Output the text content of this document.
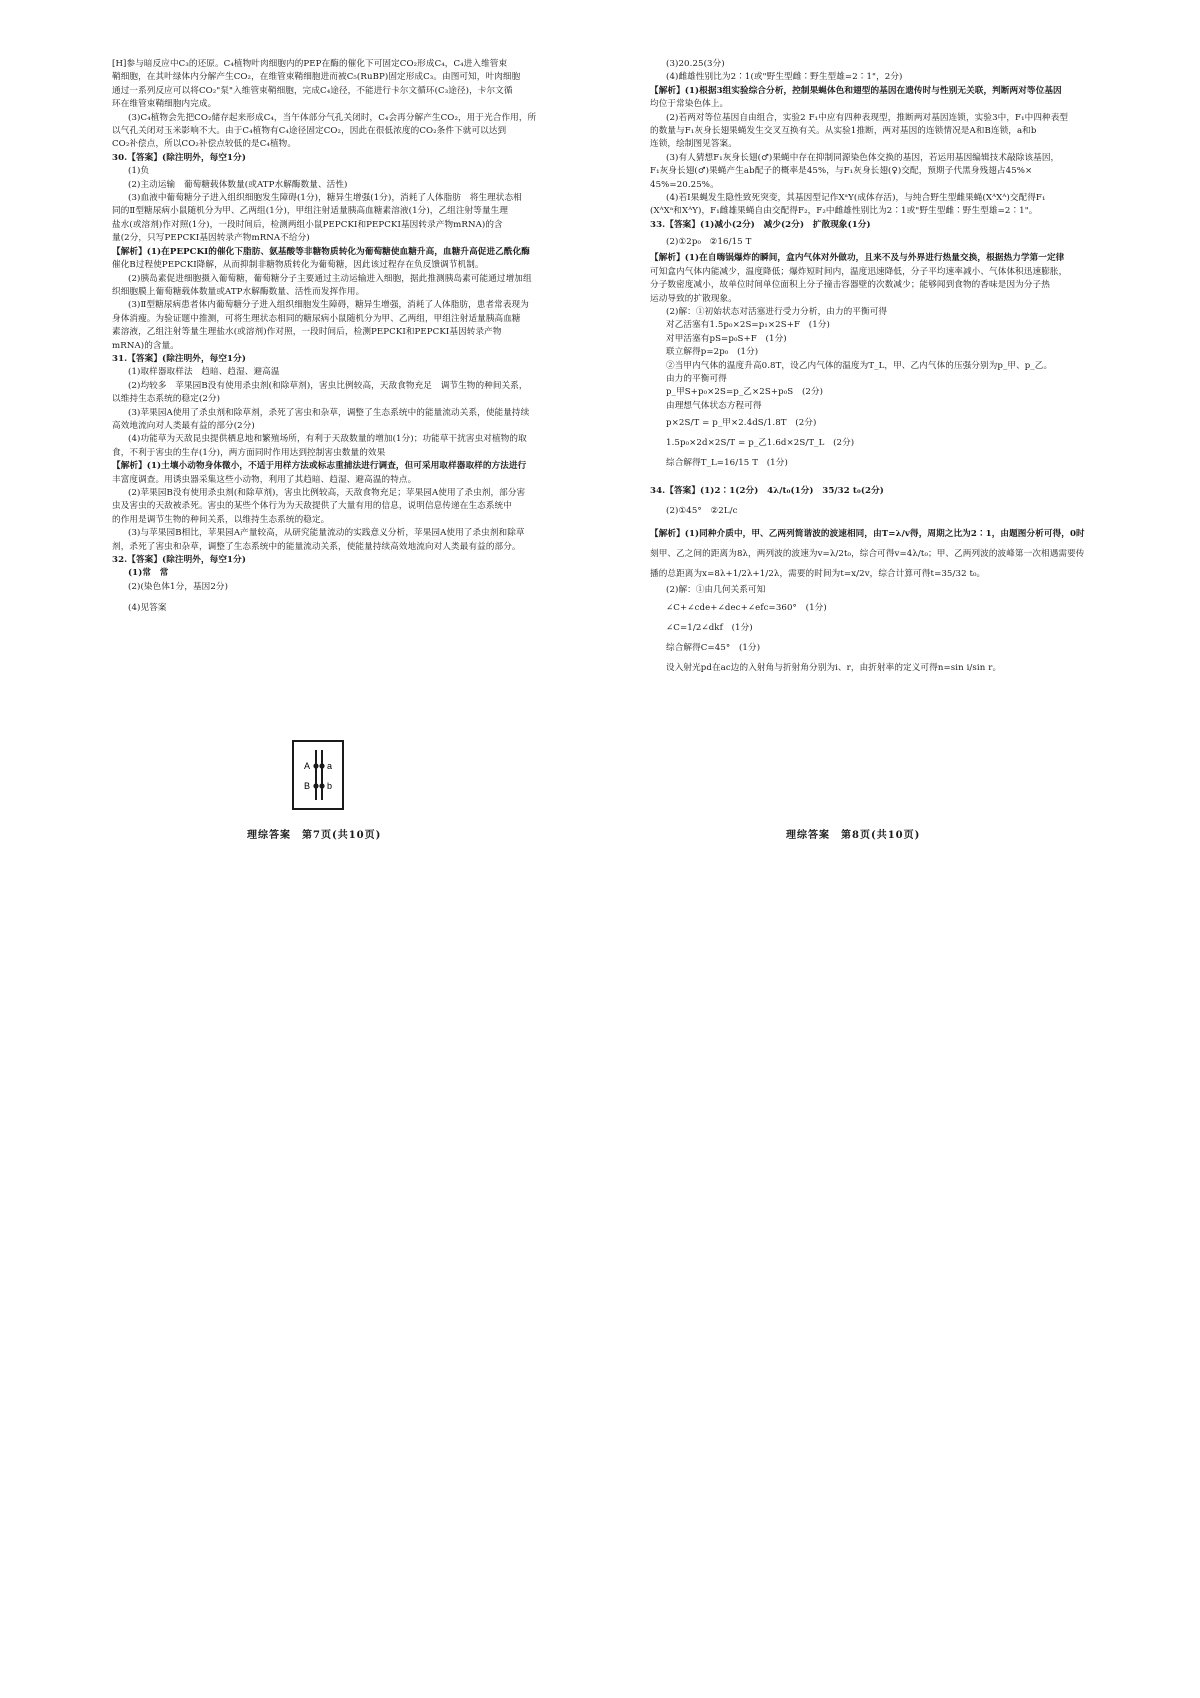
[H]参与暗反应中C₃的还原。C₄植物叶肉细胞内的PEP在酶的催化下可固定CO₂形成C₄，C₄进入维管束

鞘细胞，在其叶绿体内分解产生CO₂，在维管束鞘细胞进而被C₅(RuBP)固定形成C₃。由图可知，叶肉细胞

通过一系列反应可以将CO₂"泵"入维管束鞘细胞，完成C₄途径，不能进行卡尔文循环(C₃途径)，卡尔文循

环在维管束鞘细胞内完成。

(3)C₄植物会先把CO₂储存起来形成C₄，当午体部分气孔关闭时，C₄会再分解产生CO₂，用于光合作用，所

以气孔关闭对玉米影响不大。由于C₄植物有C₄途径固定CO₂，因此在很低浓度的CO₂条件下就可以达到

CO₂补偿点，所以CO₂补偿点较低的是C₄植物。

30.【答案】(除注明外，每空1分)

(1)负

(2)主动运输　葡萄糖载体数量(或ATP水解酶数量、活性)

(3)血液中葡萄糖分子进入组织细胞发生障碍(1分)，糖异生增强(1分)，消耗了人体脂肪　将生理状态相

同的Ⅱ型糖尿病小鼠随机分为甲、乙两组(1分)，甲组注射适量胰高血糖素溶液(1分)，乙组注射等量生理

盐水(或溶剂)作对照(1分)，一段时间后，检测两组小鼠PEPCKI和PEPCKI基因转录产物mRNA)的含

量(2分，只写PEPCKI基因转录产物mRNA不给分)

【解析】(1)在PEPCKI的催化下脂肪、氨基酸等非糖物质转化为葡萄糖使血糖升高，血糖升高促进乙酰化酶

催化B过程使PEPCKI降解，从而抑制非糖物质转化为葡萄糖，因此该过程存在负反馈调节机制。

(2)胰岛素促进细胞摄入葡萄糖，葡萄糖分子主要通过主动运输进入细胞，据此推测胰岛素可能通过增加组

织细胞膜上葡萄糖载体数量或ATP水解酶数量、活性而发挥作用。

(3)Ⅱ型糖尿病患者体内葡萄糖分子进入组织细胞发生障碍，糖异生增强，消耗了人体脂肪，患者常表现为

身体消瘦。为验证题中推测，可将生理状态相同的糖尿病小鼠随机分为甲、乙两组，甲组注射适量胰高血糖

素溶液，乙组注射等量生理盐水(或溶剂)作对照，一段时间后，检测PEPCKI和PEPCKI基因转录产物

mRNA)的含量。

31.【答案】(除注明外，每空1分)

(1)取样器取样法　趋暗、趋湿、避高温

(2)均较多　苹果园B没有使用杀虫剂(和除草剂)，害虫比例较高，天敌食物充足　调节生物的种间关系，

以维持生态系统的稳定(2分)

(3)苹果园A使用了杀虫剂和除草剂，杀死了害虫和杂草，调整了生态系统中的能量流动关系，使能量持续

高效地流向对人类最有益的部分(2分)

(4)功能草为天敌昆虫提供栖息地和繁殖场所，有利于天敌数量的增加(1分)；功能草干扰害虫对植物的取

食，不利于害虫的生存(1分)，两方面同时作用达到控制害虫数量的效果

【解析】(1)土壤小动物身体微小，不适于用样方法或标志重捕法进行调查，但可采用取样器取样的方法进行

丰富度调查。用诱虫器采集这些小动物，利用了其趋暗、趋湿、避高温的特点。

(2)苹果园B没有使用杀虫剂(和除草剂)，害虫比例较高，天敌食物充足；苹果园A使用了杀虫剂，部分害

虫及害虫的天敌被杀死。害虫的某些个体行为为天敌提供了大量有用的信息，说明信息传递在生态系统中

的作用是调节生物的种间关系，以维持生态系统的稳定。

(3)与苹果园B相比，苹果园A产量较高，从研究能量流动的实践意义分析，苹果园A使用了杀虫剂和除草

剂，杀死了害虫和杂草，调整了生态系统中的能量流动关系，使能量持续高效地流向对人类最有益的部分。

32.【答案】(除注明外，每空1分)

(1)常　常

(2)(染色体1分，基因2分)

(4)见答案

A a
B b
理综答案　第7页(共10页)

(3)20.25(3分)

(4)雌雄性别比为2∶1(或"野生型雌∶野生型雄=2∶1"，2分)

【解析】(1)根据3组实验综合分析，控制果蝇体色和翅型的基因在遗传时与性别无关联，判断两对等位基因

均位于常染色体上。

(2)若两对等位基因自由组合，实验2 F₁中应有四种表现型，推断两对基因连锁，实验3中，F₁中四种表型

的数量与F₁灰身长翅果蝇发生交叉互换有关。从实验1推断，两对基因的连锁情况是A和B连锁，a和b

连锁，绘制图见答案。

(3)有人猜想F₁灰身长翅(♂)果蝇中存在抑制同源染色体交换的基因，若运用基因编辑技术敲除该基因，

F₁灰身长翅(♂)果蝇产生ab配子的概率是45%，与F₁灰身长翅(♀)交配，预期子代黑身残翅占45%×

45%=20.25%。

(4)若Ⅰ果蝇发生隐性致死突变，其基因型记作XᵃY(成体存活)，与纯合野生型雌果蝇(XᴬXᴬ)交配得F₁

(XᴬXᵃ和XᴬY)，F₁雌雄果蝇自由交配得F₂，F₂中雌雄性别比为2∶1或"野生型雌∶野生型雄=2∶1"。

33.【答案】(1)减小(2分)　减少(2分)　扩散现象(1分)

(2)①2p₀　②16/15 T

【解析】(1)在自嗨锅爆炸的瞬间，盒内气体对外做功，且来不及与外界进行热量交换，根据热力学第一定律

可知盒内气体内能减少，温度降低；爆炸短时间内，温度迅速降低，分子平均速率减小、气体体积迅速膨胀，

分子数密度减小，故单位时间单位面积上分子撞击容器壁的次数减少；能够闻到食物的香味是因为分子热

运动导致的扩散现象。

(2)解：①初始状态对活塞进行受力分析，由力的平衡可得

对乙活塞有1.5p₀×2S=p₁×2S+F　(1分)

对甲活塞有pS=p₀S+F　(1分)

联立解得p=2p₀　(1分)

②当甲内气体的温度升高0.8T，设乙内气体的温度为T_L，甲、乙内气体的压强分别为p_甲、p_乙。

由力的平衡可得

p_甲S+p₀×2S=p_乙×2S+p₀S　(2分)

由理想气体状态方程可得

p×2S/T = p_甲×2.4dS/1.8T　(2分)

1.5p₀×2d×2S/T = p_乙1.6d×2S/T_L　(2分)

综合解得T_L=16/15 T　(1分)

34.【答案】(1)2∶1(2分)　4λ/t₀(1分)　35/32 t₀(2分)

(2)①45°　②2L/c

【解析】(1)同种介质中，甲、乙两列简谐波的波速相同，由T=λ/v得，周期之比为2∶1，由题图分析可得，0时

刻甲、乙之间的距离为8λ，两列波的波速为v=λ/2t₀，综合可得v=4λ/t₀；甲、乙两列波的波峰第一次相遇需要传

播的总距离为x=8λ+1/2λ+1/2λ，需要的时间为t=x/2v，综合计算可得t=35/32 t₀。

(2)解：①由几何关系可知

∠C+∠cde+∠dec+∠efc=360°　(1分)

∠C=1/2∠dkf　(1分)

综合解得C=45°　(1分)

设入射光pd在ac边的入射角与折射角分别为i、r，由折射率的定义可得n=sin i/sin r。

理综答案　第8页(共10页)
